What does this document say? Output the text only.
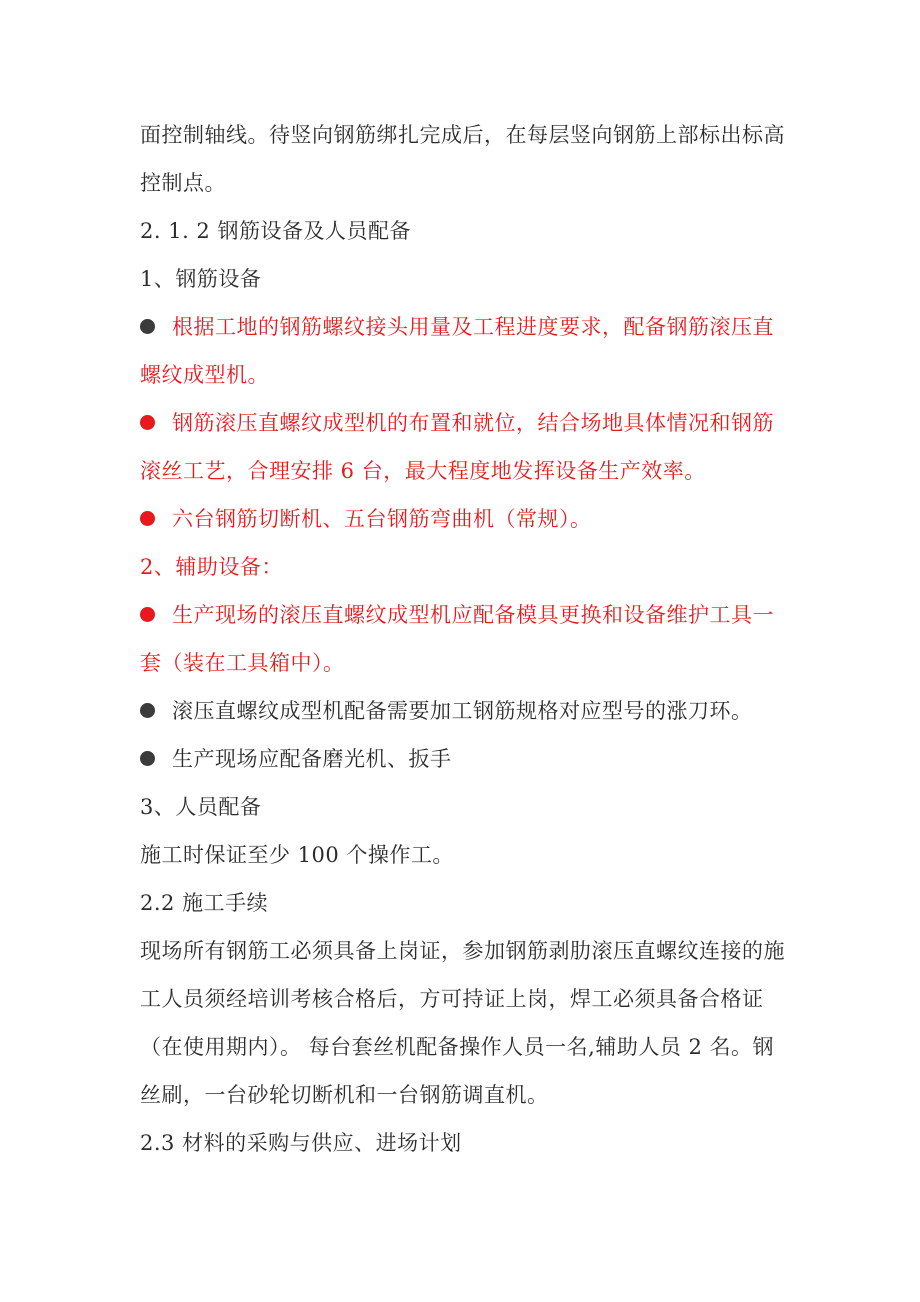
面控制轴线。待竖向钢筋绑扎完成后，在每层竖向钢筋上部标出标高
控制点。
2. 1. 2 钢筋设备及人员配备
1、钢筋设备
根据工地的钢筋螺纹接头用量及工程进度要求，配备钢筋滚压直
螺纹成型机。
钢筋滚压直螺纹成型机的布置和就位，结合场地具体情况和钢筋
滚丝工艺，合理安排 6 台，最大程度地发挥设备生产效率。
六台钢筋切断机、五台钢筋弯曲机（常规）。
2、辅助设备：
生产现场的滚压直螺纹成型机应配备模具更换和设备维护工具一
套（装在工具箱中）。
滚压直螺纹成型机配备需要加工钢筋规格对应型号的涨刀环。
生产现场应配备磨光机、扳手
3、人员配备
施工时保证至少 100 个操作工。
2.2 施工手续
现场所有钢筋工必须具备上岗证，参加钢筋剥肋滚压直螺纹连接的施
工人员须经培训考核合格后，方可持证上岗，焊工必须具备合格证
（在使用期内）。 每台套丝机配备操作人员一名,辅助人员 2 名。钢
丝刷，一台砂轮切断机和一台钢筋调直机。
2.3 材料的采购与供应、进场计划
